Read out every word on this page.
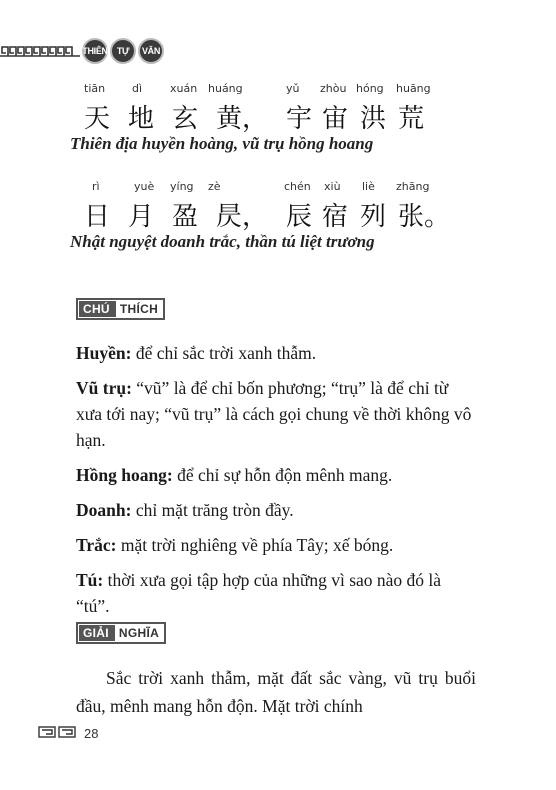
THIÊN	TỰ	VĂN
tiān dì	xuán huáng	yǔ zhòu hóng huāng
天 地 玄 黄， 宇 宙 洪 荒
Thiên địa huyền hoàng, vũ trụ hồng hoang
rì	yuè yíng zè	chén xiù liè zhāng
日 月 盈 昃， 辰 宿 列 张。
Nhật nguyệt doanh trắc, thần tú liệt trương
CHÚ THÍCH

Huyền: để chỉ sắc trời xanh thẫm.

Vũ trụ: “vũ” là để chỉ bốn phương; “trụ” là để chỉ từ xưa tới nay; “vũ trụ” là cách gọi chung về thời không vô hạn.

Hồng hoang: để chỉ sự hỗn độn mênh mang.

Doanh: chỉ mặt trăng tròn đầy.

Trắc: mặt trời nghiêng về phía Tây; xế bóng.

Tú: thời xưa gọi tập hợp của những vì sao nào đó là “tú”.

GIẢI NGHĨA

Sắc trời xanh thẫm, mặt đất sắc vàng, vũ trụ buổi đầu, mênh mang hỗn độn. Mặt trời chính

28
